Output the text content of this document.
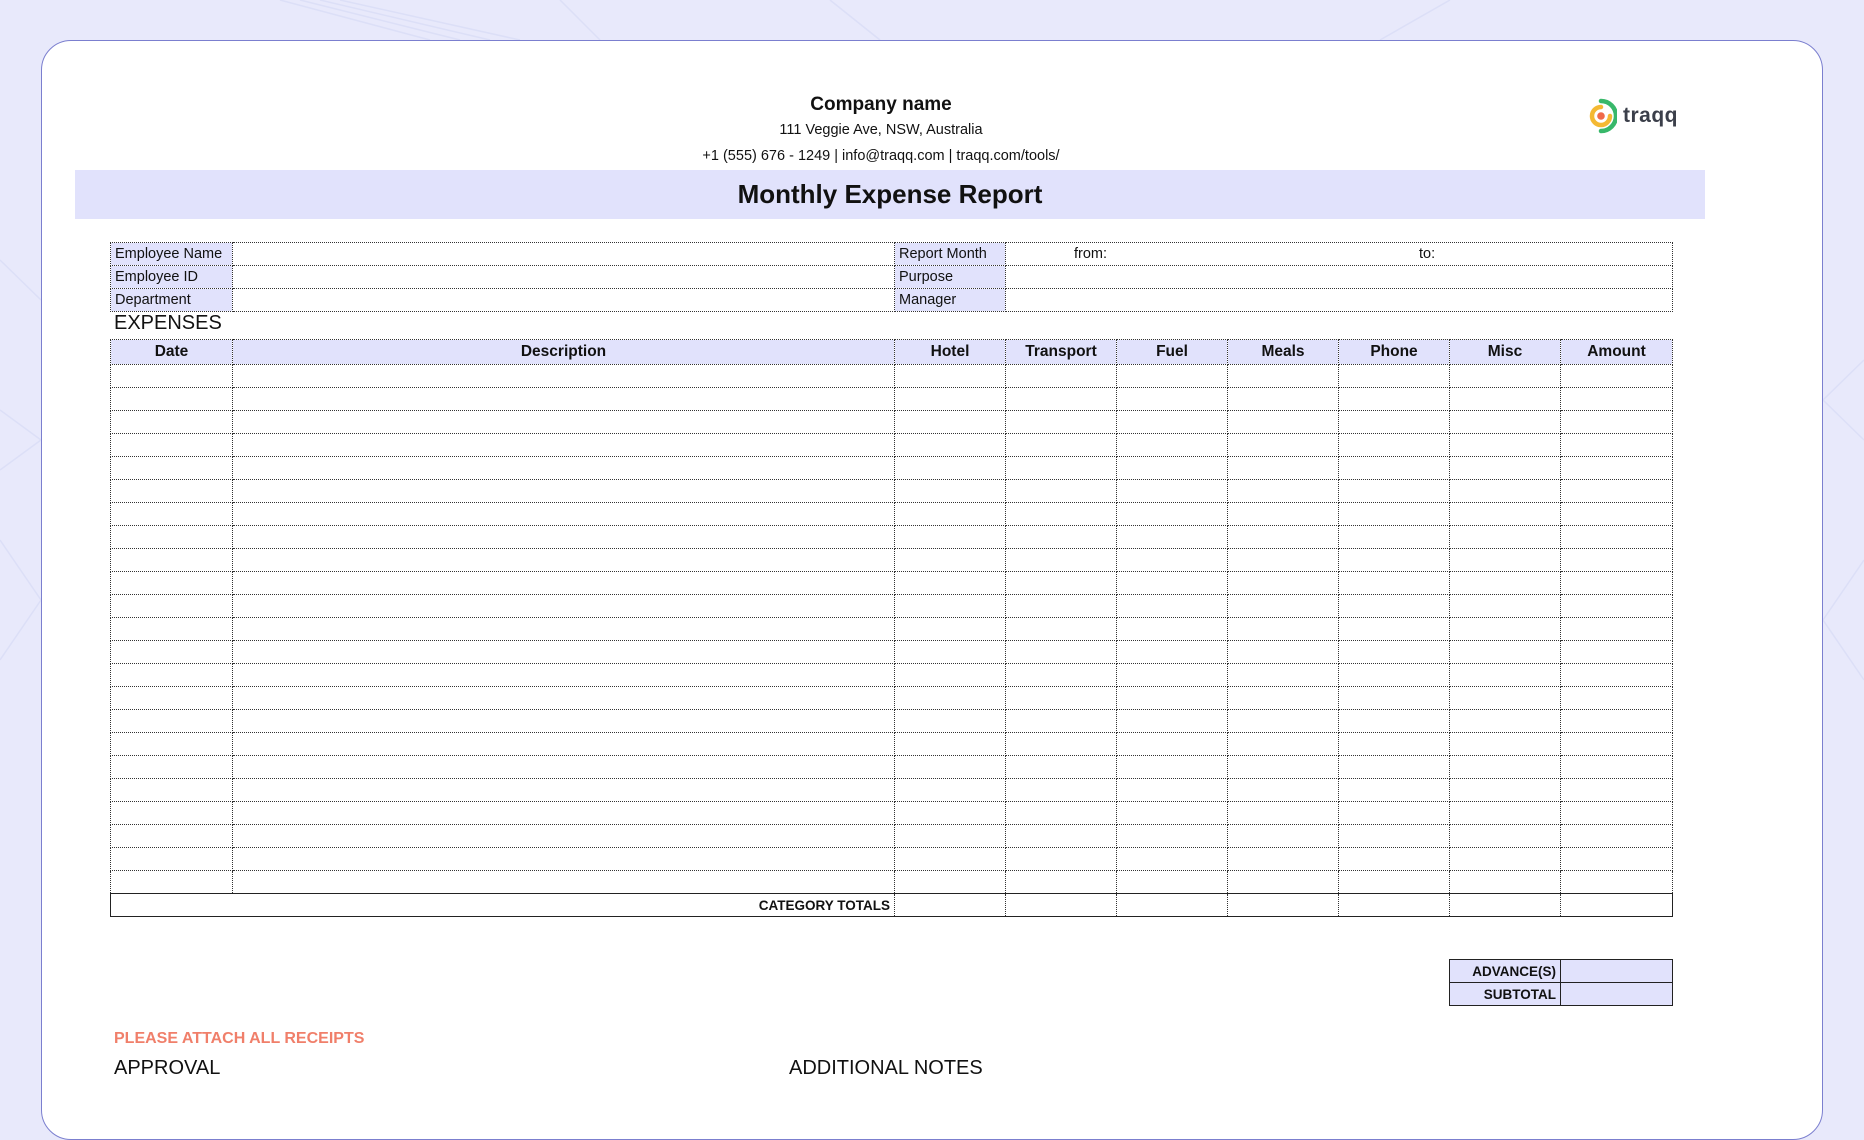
Company name
111 Veggie Ave, NSW, Australia
+1 (555) 676 - 1249 | info@traqq.com | traqq.com/tools/
traqq
Monthly Expense Report
Employee Name		Report Month	from: to:
Employee ID		Purpose	
Department		Manager	
EXPENSES
Date	Description	Hotel	Transport	Fuel	Meals	Phone	Misc	Amount

CATEGORY TOTALS								
ADVANCE(S)	
SUBTOTAL	
PLEASE ATTACH ALL RECEIPTS
APPROVAL	ADDITIONAL NOTES
